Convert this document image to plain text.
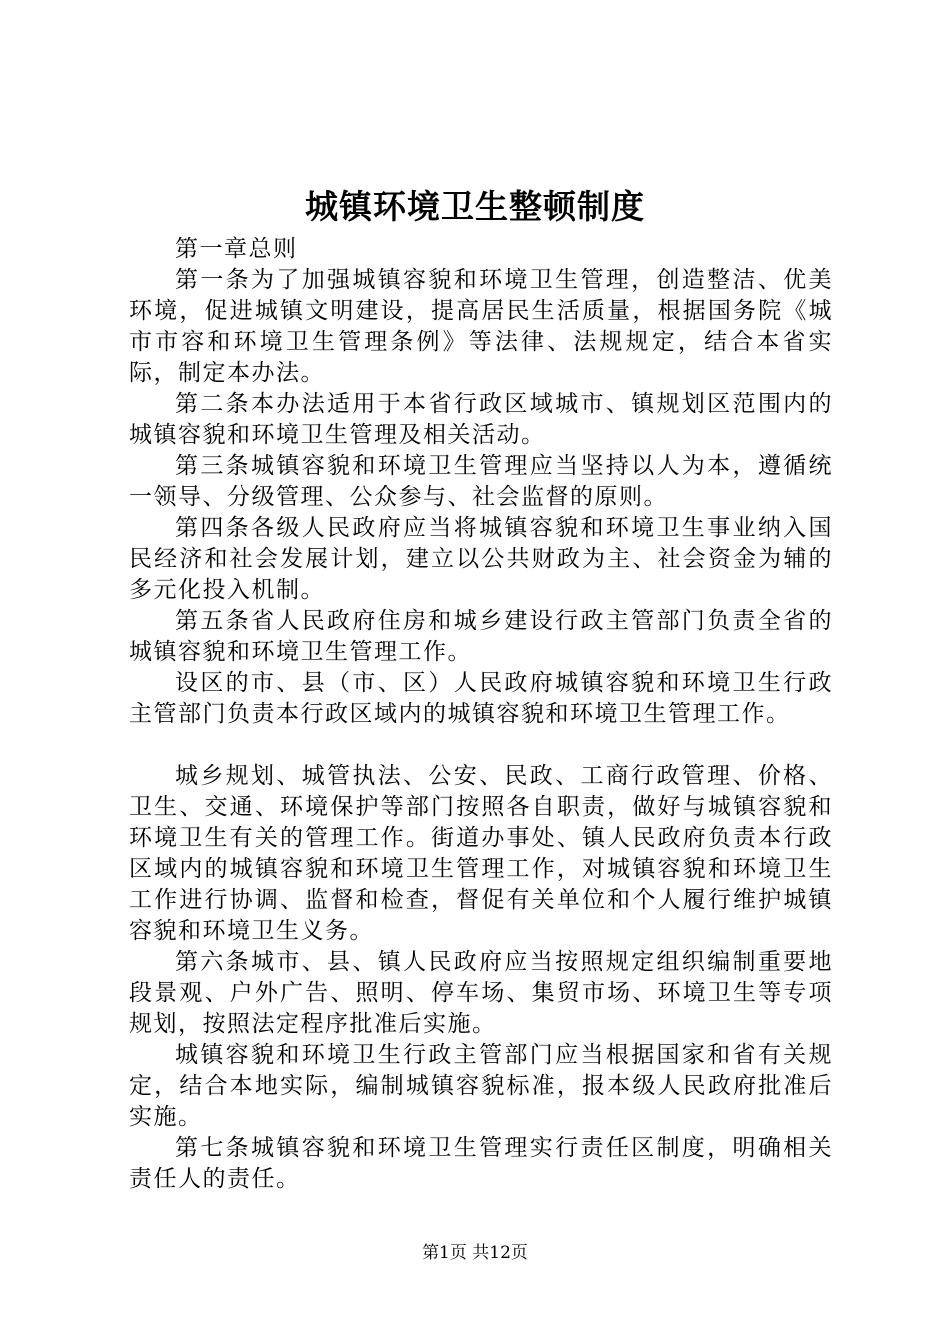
城镇环境卫生整顿制度

第一章总则

第一条为了加强城镇容貌和环境卫生管理，创造整洁、优美环境，促进城镇文明建设，提高居民生活质量，根据国务院《城市市容和环境卫生管理条例》等法律、法规规定，结合本省实际，制定本办法。

第二条本办法适用于本省行政区域城市、镇规划区范围内的城镇容貌和环境卫生管理及相关活动。

第三条城镇容貌和环境卫生管理应当坚持以人为本，遵循统一领导、分级管理、公众参与、社会监督的原则。

第四条各级人民政府应当将城镇容貌和环境卫生事业纳入国民经济和社会发展计划，建立以公共财政为主、社会资金为辅的多元化投入机制。

第五条省人民政府住房和城乡建设行政主管部门负责全省的城镇容貌和环境卫生管理工作。

设区的市、县（市、区）人民政府城镇容貌和环境卫生行政主管部门负责本行政区域内的城镇容貌和环境卫生管理工作。

城乡规划、城管执法、公安、民政、工商行政管理、价格、卫生、交通、环境保护等部门按照各自职责，做好与城镇容貌和环境卫生有关的管理工作。街道办事处、镇人民政府负责本行政区域内的城镇容貌和环境卫生管理工作，对城镇容貌和环境卫生工作进行协调、监督和检查，督促有关单位和个人履行维护城镇容貌和环境卫生义务。

第六条城市、县、镇人民政府应当按照规定组织编制重要地段景观、户外广告、照明、停车场、集贸市场、环境卫生等专项规划，按照法定程序批准后实施。

城镇容貌和环境卫生行政主管部门应当根据国家和省有关规定，结合本地实际，编制城镇容貌标准，报本级人民政府批准后实施。

第七条城镇容貌和环境卫生管理实行责任区制度，明确相关责任人的责任。

第1页 共12页
